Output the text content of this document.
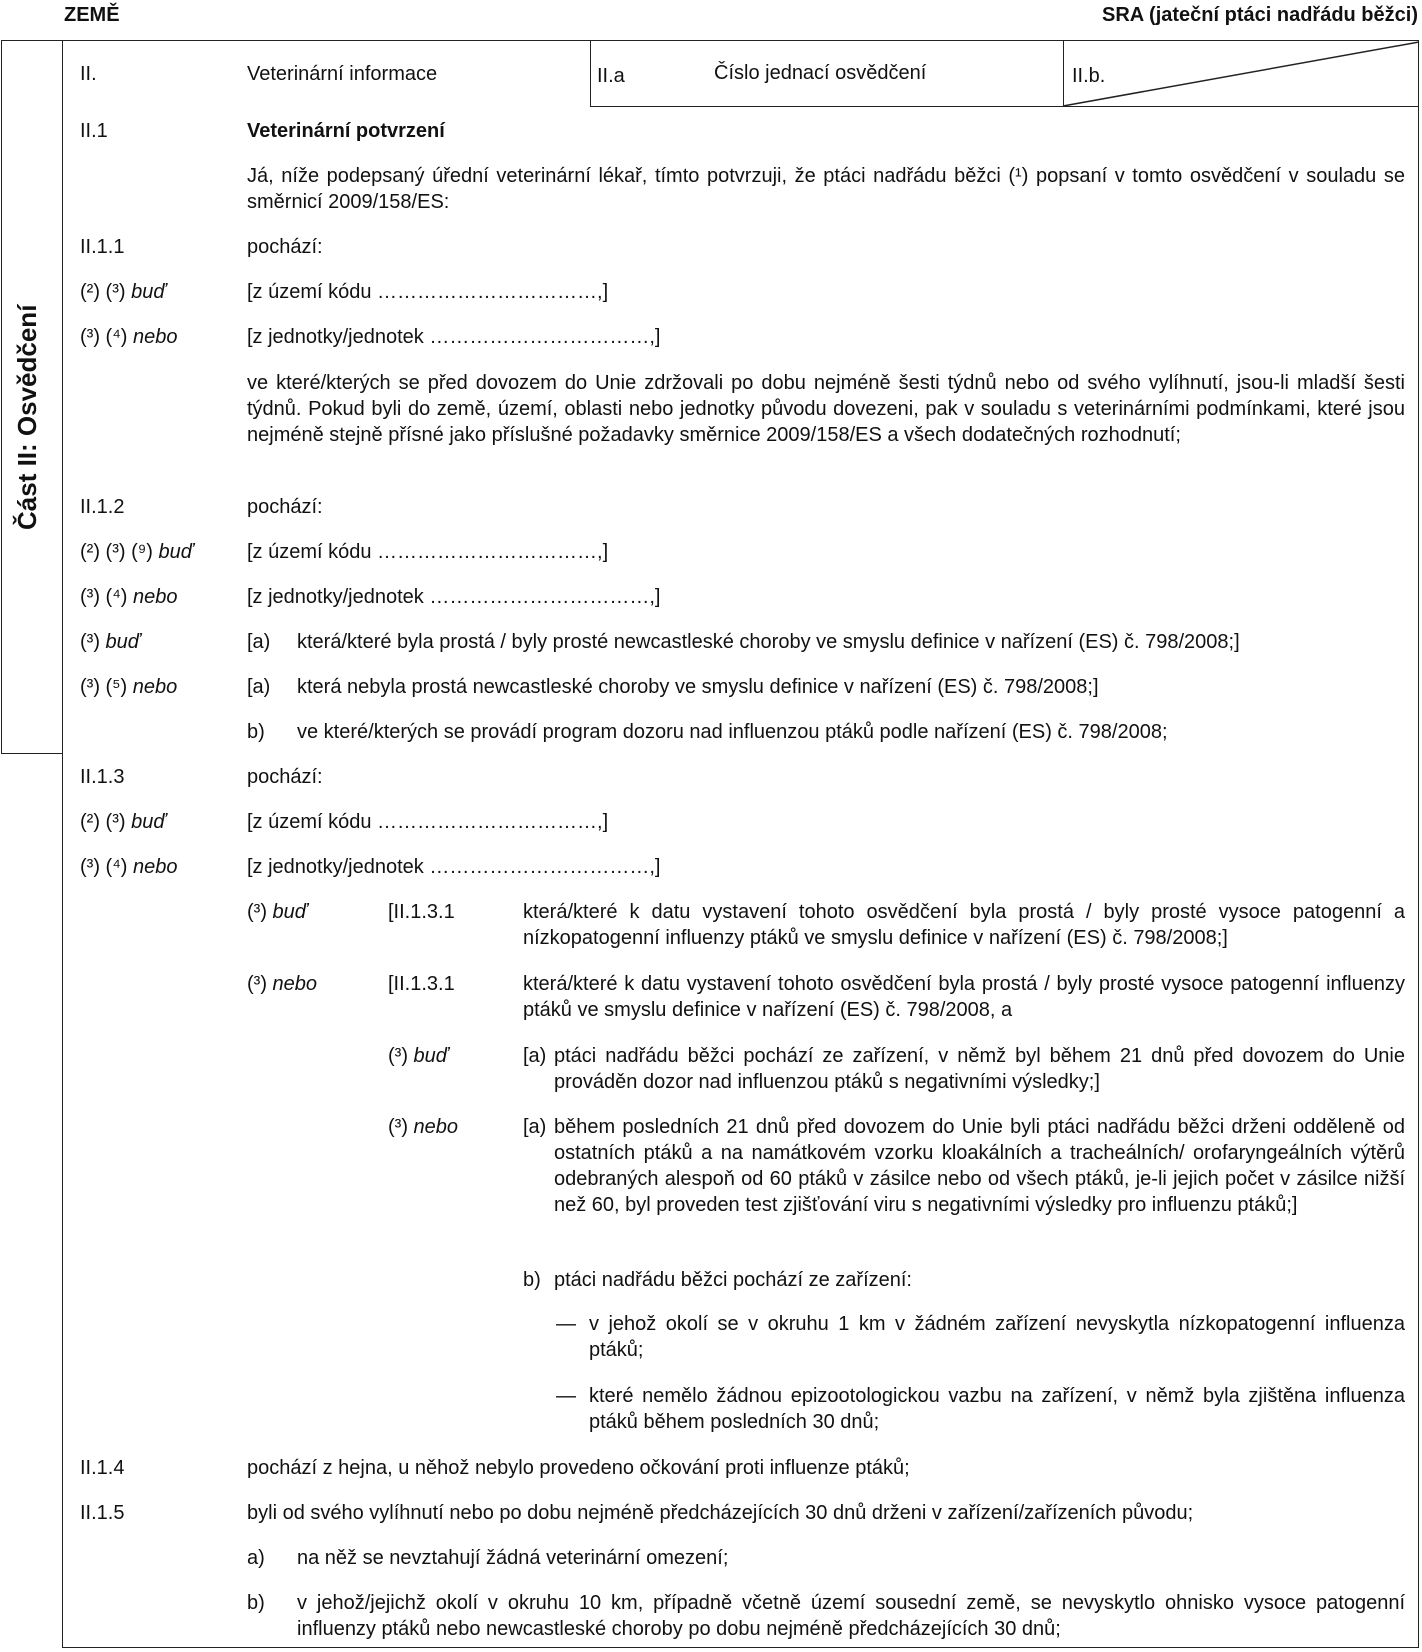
ZEMĚ	SRA (jateční ptáci nadřádu běžci)
Část II: Osvědčení
II.	Veterinární informace	II.a	Číslo jednací osvědčení	II.b.
II.1	Veterinární potvrzení
Já, níže podepsaný úřední veterinární lékař, tímto potvrzuji, že ptáci nadřádu běžci (¹) popsaní v tomto osvědčení v souladu se směrnicí 2009/158/ES:
II.1.1	pochází:
(²) (³) buď	[z území kódu ……………………………,]
(³) (⁴) nebo	[z jednotky/jednotek ……………………………,]
ve které/kterých se před dovozem do Unie zdržovali po dobu nejméně šesti týdnů nebo od svého vylíhnutí, jsou-li mladší šesti týdnů. Pokud byli do země, území, oblasti nebo jednotky původu dovezeni, pak v souladu s veterinárními podmínkami, které jsou nejméně stejně přísné jako příslušné požadavky směrnice 2009/158/ES a všech dodatečných rozhodnutí;
II.1.2	pochází:
(²) (³) (⁹) buď	[z území kódu ……………………………,]
(³) (⁴) nebo	[z jednotky/jednotek ……………………………,]
(³) buď	[a) která/které byla prostá / byly prosté newcastleské choroby ve smyslu definice v nařízení (ES) č. 798/2008;]
(³) (⁵) nebo	[a) která nebyla prostá newcastleské choroby ve smyslu definice v nařízení (ES) č. 798/2008;]
b) ve které/kterých se provádí program dozoru nad influenzou ptáků podle nařízení (ES) č. 798/2008;
II.1.3	pochází:
(²) (³) buď	[z území kódu ……………………………,]
(³) (⁴) nebo	[z jednotky/jednotek ……………………………,]
(³) buď	[II.1.3.1	která/které k datu vystavení tohoto osvědčení byla prostá / byly prosté vysoce patogenní a nízkopatogenní influenzy ptáků ve smyslu definice v nařízení (ES) č. 798/2008;]
(³) nebo	[II.1.3.1	která/které k datu vystavení tohoto osvědčení byla prostá / byly prosté vysoce patogenní influenzy ptáků ve smyslu definice v nařízení (ES) č. 798/2008, a
(³) buď	[a) ptáci nadřádu běžci pochází ze zařízení, v němž byl během 21 dnů před dovozem do Unie prováděn dozor nad influenzou ptáků s negativními výsledky;]
(³) nebo	[a) během posledních 21 dnů před dovozem do Unie byli ptáci nadřádu běžci drženi odděleně od ostatních ptáků a na namátkovém vzorku kloakálních a tracheálních/ orofaryngeálních výtěrů odebraných alespoň od 60 ptáků v zásilce nebo od všech ptáků, je-li jejich počet v zásilce nižší než 60, byl proveden test zjišťování viru s negativními výsledky pro influenzu ptáků;]
b) ptáci nadřádu běžci pochází ze zařízení:
— v jehož okolí se v okruhu 1 km v žádném zařízení nevyskytla nízkopatogenní influenza ptáků;
— které nemělo žádnou epizootologickou vazbu na zařízení, v němž byla zjištěna influenza ptáků během posledních 30 dnů;
II.1.4	pochází z hejna, u něhož nebylo provedeno očkování proti influenze ptáků;
II.1.5	byli od svého vylíhnutí nebo po dobu nejméně předcházejících 30 dnů drženi v zařízení/zařízeních původu;
a) na něž se nevztahují žádná veterinární omezení;
b) v jehož/jejichž okolí v okruhu 10 km, případně včetně území sousední země, se nevyskytlo ohnisko vysoce patogenní influenzy ptáků nebo newcastleské choroby po dobu nejméně předcházejících 30 dnů;
